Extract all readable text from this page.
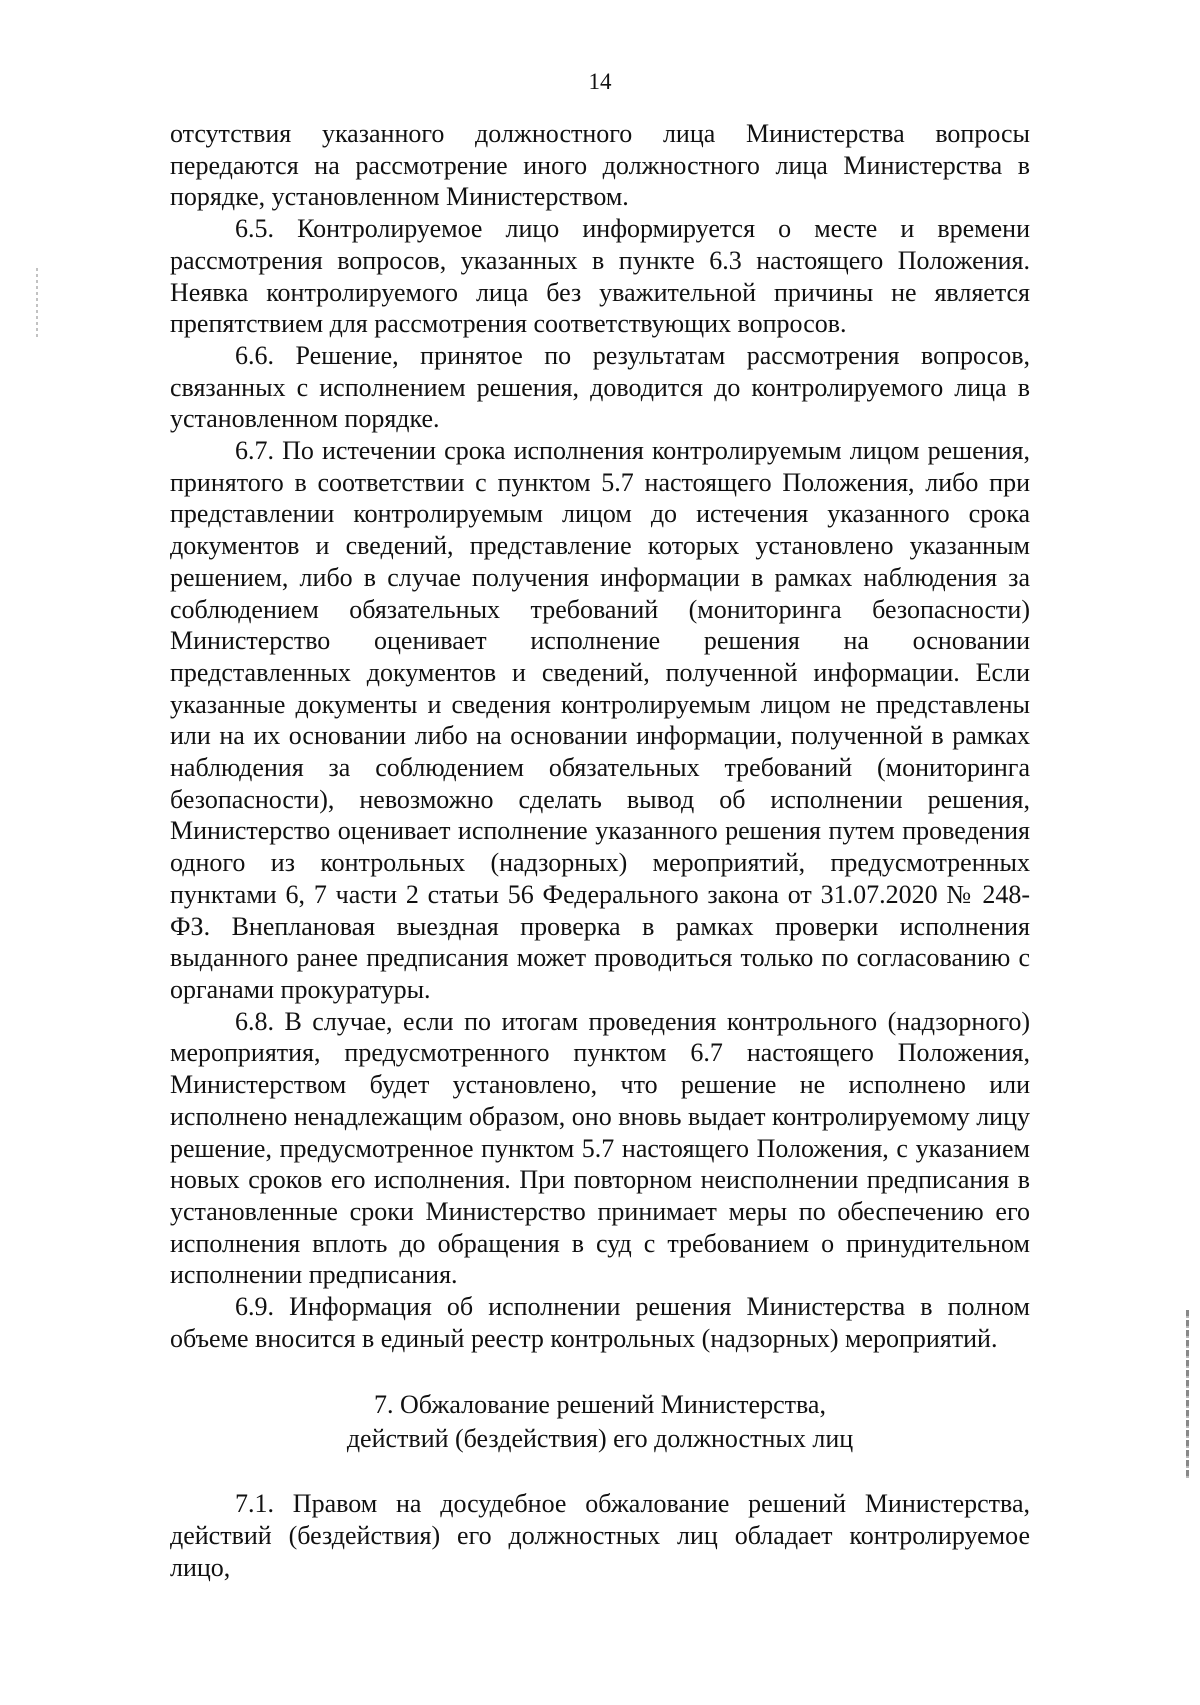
14

отсутствия указанного должностного лица Министерства вопросы передаются на рассмотрение иного должностного лица Министерства в порядке, установленном Министерством.

6.5. Контролируемое лицо информируется о месте и времени рассмотрения вопросов, указанных в пункте 6.3 настоящего Положения. Неявка контролируемого лица без уважительной причины не является препятствием для рассмотрения соответствующих вопросов.

6.6. Решение, принятое по результатам рассмотрения вопросов, связанных с исполнением решения, доводится до контролируемого лица в установленном порядке.

6.7. По истечении срока исполнения контролируемым лицом решения, принятого в соответствии с пунктом 5.7 настоящего Положения, либо при представлении контролируемым лицом до истечения указанного срока документов и сведений, представление которых установлено указанным решением, либо в случае получения информации в рамках наблюдения за соблюдением обязательных требований (мониторинга безопасности) Министерство оценивает исполнение решения на основании представленных документов и сведений, полученной информации. Если указанные документы и сведения контролируемым лицом не представлены или на их основании либо на основании информации, полученной в рамках наблюдения за соблюдением обязательных требований (мониторинга безопасности), невозможно сделать вывод об исполнении решения, Министерство оценивает исполнение указанного решения путем проведения одного из контрольных (надзорных) мероприятий, предусмотренных пунктами 6, 7 части 2 статьи 56 Федерального закона от 31.07.2020 № 248-ФЗ. Внеплановая выездная проверка в рамках проверки исполнения выданного ранее предписания может проводиться только по согласованию с органами прокуратуры.

6.8. В случае, если по итогам проведения контрольного (надзорного) мероприятия, предусмотренного пунктом 6.7 настоящего Положения, Министерством будет установлено, что решение не исполнено или исполнено ненадлежащим образом, оно вновь выдает контролируемому лицу решение, предусмотренное пунктом 5.7 настоящего Положения, с указанием новых сроков его исполнения. При повторном неисполнении предписания в установленные сроки Министерство принимает меры по обеспечению его исполнения вплоть до обращения в суд с требованием о принудительном исполнении предписания.

6.9. Информация об исполнении решения Министерства в полном объеме вносится в единый реестр контрольных (надзорных) мероприятий.

7. Обжалование решений Министерства,
действий (бездействия) его должностных лиц

7.1. Правом на досудебное обжалование решений Министерства, действий (бездействия) его должностных лиц обладает контролируемое лицо,
